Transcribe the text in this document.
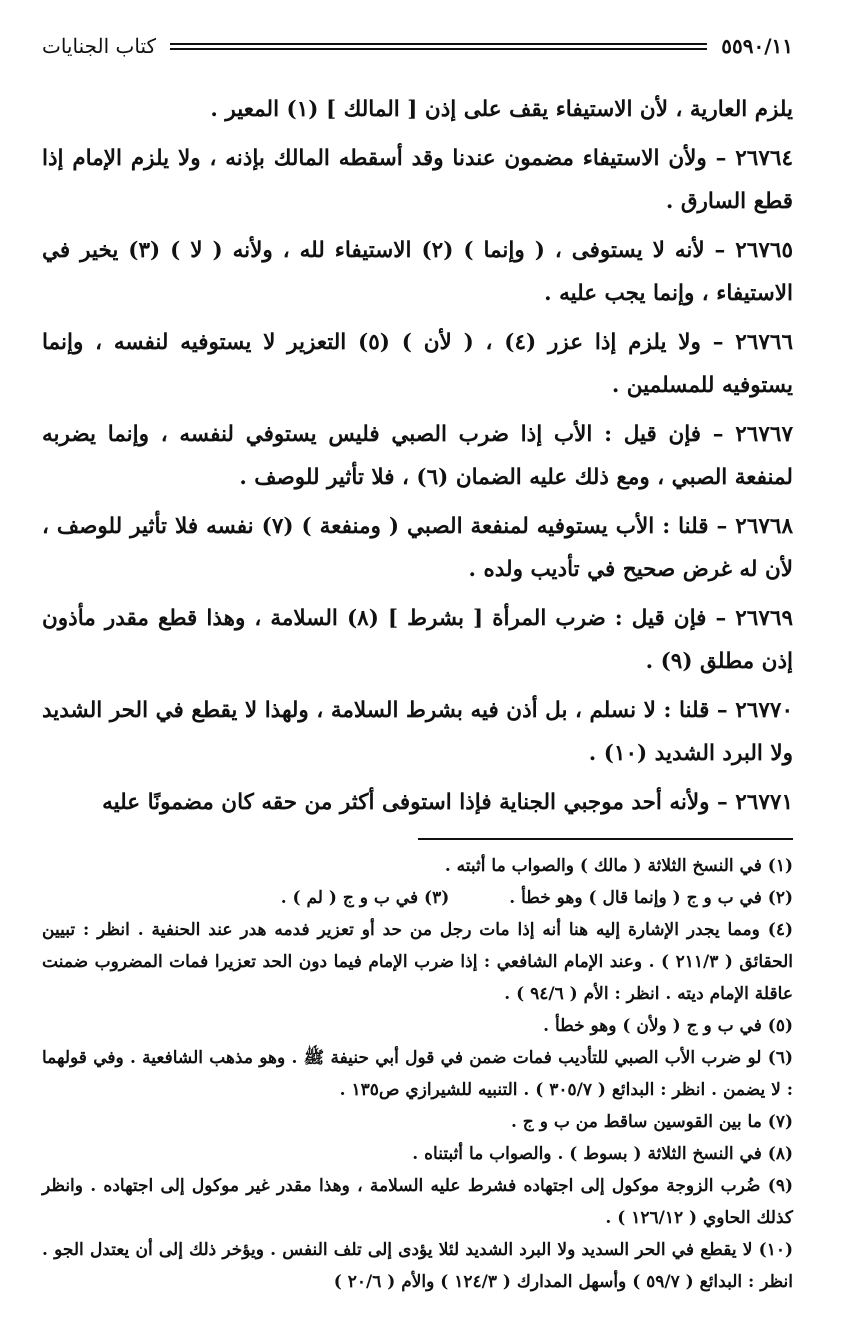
٥٥٩٠/١١
كتاب الجنايات

يلزم العارية ، لأن الاستيفاء يقف على إذن [ المالك ] (١) المعير .

٢٦٧٦٤ – ولأن الاستيفاء مضمون عندنا وقد أسقطه المالك بإذنه ، ولا يلزم الإمام إذا قطع السارق .

٢٦٧٦٥ – لأنه لا يستوفى ، ( وإنما ) (٢) الاستيفاء لله ، ولأنه ( لا ) (٣) يخير في الاستيفاء ، وإنما يجب عليه .

٢٦٧٦٦ – ولا يلزم إذا عزر (٤) ، ( لأن ) (٥) التعزير لا يستوفيه لنفسه ، وإنما يستوفيه للمسلمين .

٢٦٧٦٧ – فإن قيل : الأب إذا ضرب الصبي فليس يستوفي لنفسه ، وإنما يضربه لمنفعة الصبي ، ومع ذلك عليه الضمان (٦) ، فلا تأثير للوصف .

٢٦٧٦٨ – قلنا : الأب يستوفيه لمنفعة الصبي ( ومنفعة ) (٧) نفسه فلا تأثير للوصف ، لأن له غرض صحيح في تأديب ولده .

٢٦٧٦٩ – فإن قيل : ضرب المرأة [ بشرط ] (٨) السلامة ، وهذا قطع مقدر مأذون إذن مطلق (٩) .

٢٦٧٧٠ – قلنا : لا نسلم ، بل أذن فيه بشرط السلامة ، ولهذا لا يقطع في الحر الشديد ولا البرد الشديد (١٠) .

٢٦٧٧١ – ولأنه أحد موجبي الجناية فإذا استوفى أكثر من حقه كان مضمونًا عليه

(١) في النسخ الثلاثة ( مالك ) والصواب ما أثبته .

(٢) في ب و ج ( وإنما قال ) وهو خطأ .
(٣) في ب و ج ( لم ) .

(٤) ومما يجدر الإشارة إليه هنا أنه إذا مات رجل من حد أو تعزير فدمه هدر عند الحنفية . انظر : تبيين الحقائق ( ٢١١/٣ ) . وعند الإمام الشافعي : إذا ضرب الإمام فيما دون الحد تعزيرا فمات المضروب ضمنت عاقلة الإمام ديته . انظر : الأم ( ٩٤/٦ ) .

(٥) في ب و ج ( ولأن ) وهو خطأ .

(٦) لو ضرب الأب الصبي للتأديب فمات ضمن في قول أبي حنيفة ﷺ . وهو مذهب الشافعية . وفي قولهما : لا يضمن . انظر : البدائع ( ٣٠٥/٧ ) . التنبيه للشيرازي ص١٣٥ .

(٧) ما بين القوسين ساقط من ب و ج .

(٨) في النسخ الثلاثة ( بسوط ) . والصواب ما أثبتناه .

(٩) ضُرب الزوجة موكول إلى اجتهاده فشرط عليه السلامة ، وهذا مقدر غير موكول إلى اجتهاده . وانظر كذلك الحاوي ( ١٢٦/١٢ ) .

(١٠) لا يقطع في الحر السديد ولا البرد الشديد لئلا يؤدى إلى تلف النفس . ويؤخر ذلك إلى أن يعتدل الجو . انظر : البدائع ( ٥٩/٧ ) وأسهل المدارك ( ١٢٤/٣ ) والأم ( ٢٠/٦ )
